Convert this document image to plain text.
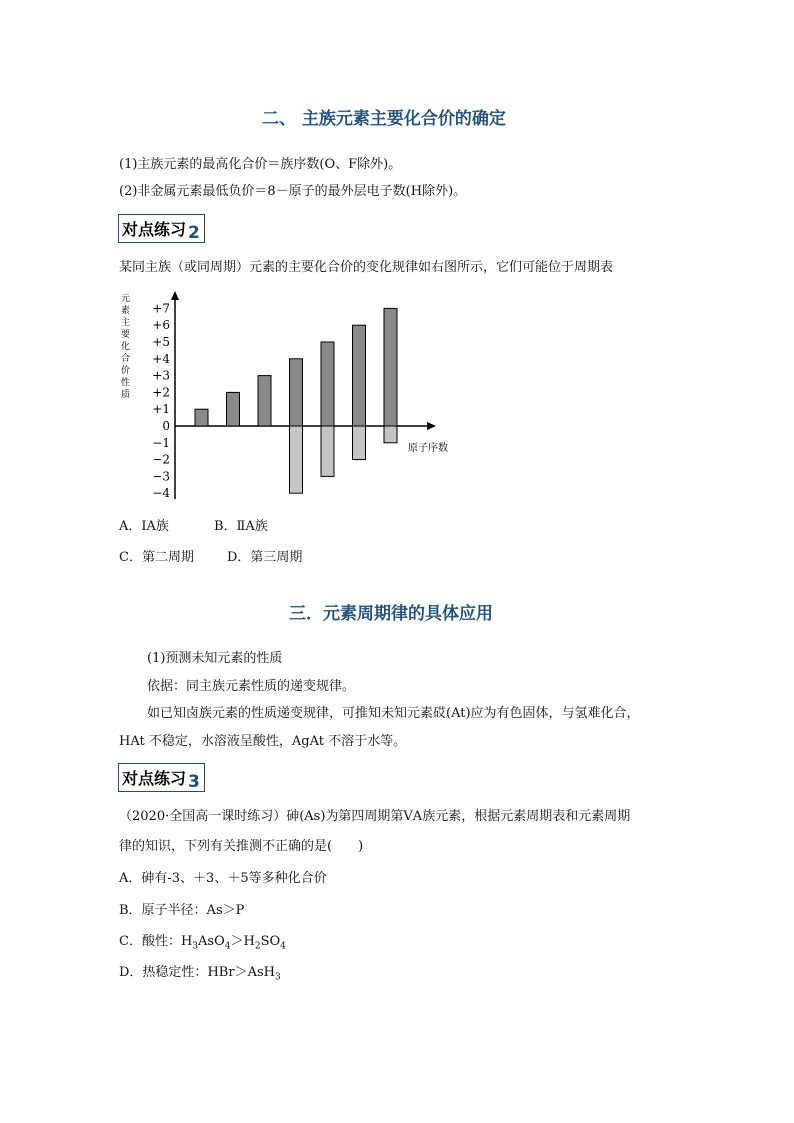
二、 主族元素主要化合价的确定
(1)主族元素的最高化合价＝族序数(O、F除外)。
(2)非金属元素最低负价＝8－原子的最外层电子数(H除外)。
对点练习 2
某同主族（或同周期）元素的主要化合价的变化规律如右图所示，它们可能位于周期表
元
素
主
要
化
合
价
性
质
+7
+6
+5
+4
+3
+2
+1
0
−1
−2
−3
−4
原子序数
A．ⅠA族	B．ⅡA族
C．第二周期	D．第三周期
三．元素周期律的具体应用
(1)预测未知元素的性质
依据：同主族元素性质的递变规律。
如已知卤族元素的性质递变规律，可推知未知元素砹(At)应为有色固体，与氢难化合，
HAt 不稳定，水溶液呈酸性，AgAt 不溶于水等。
对点练习 3
（2020·全国高一课时练习）砷(As)为第四周期第ⅤA族元素，根据元素周期表和元素周期
律的知识，下列有关推测不正确的是(　　)
A．砷有-3、＋3、＋5等多种化合价
B．原子半径：As＞P
C．酸性：$H_3AsO_4>H_2SO_4$
D．热稳定性：HBr＞AsH$_3$
